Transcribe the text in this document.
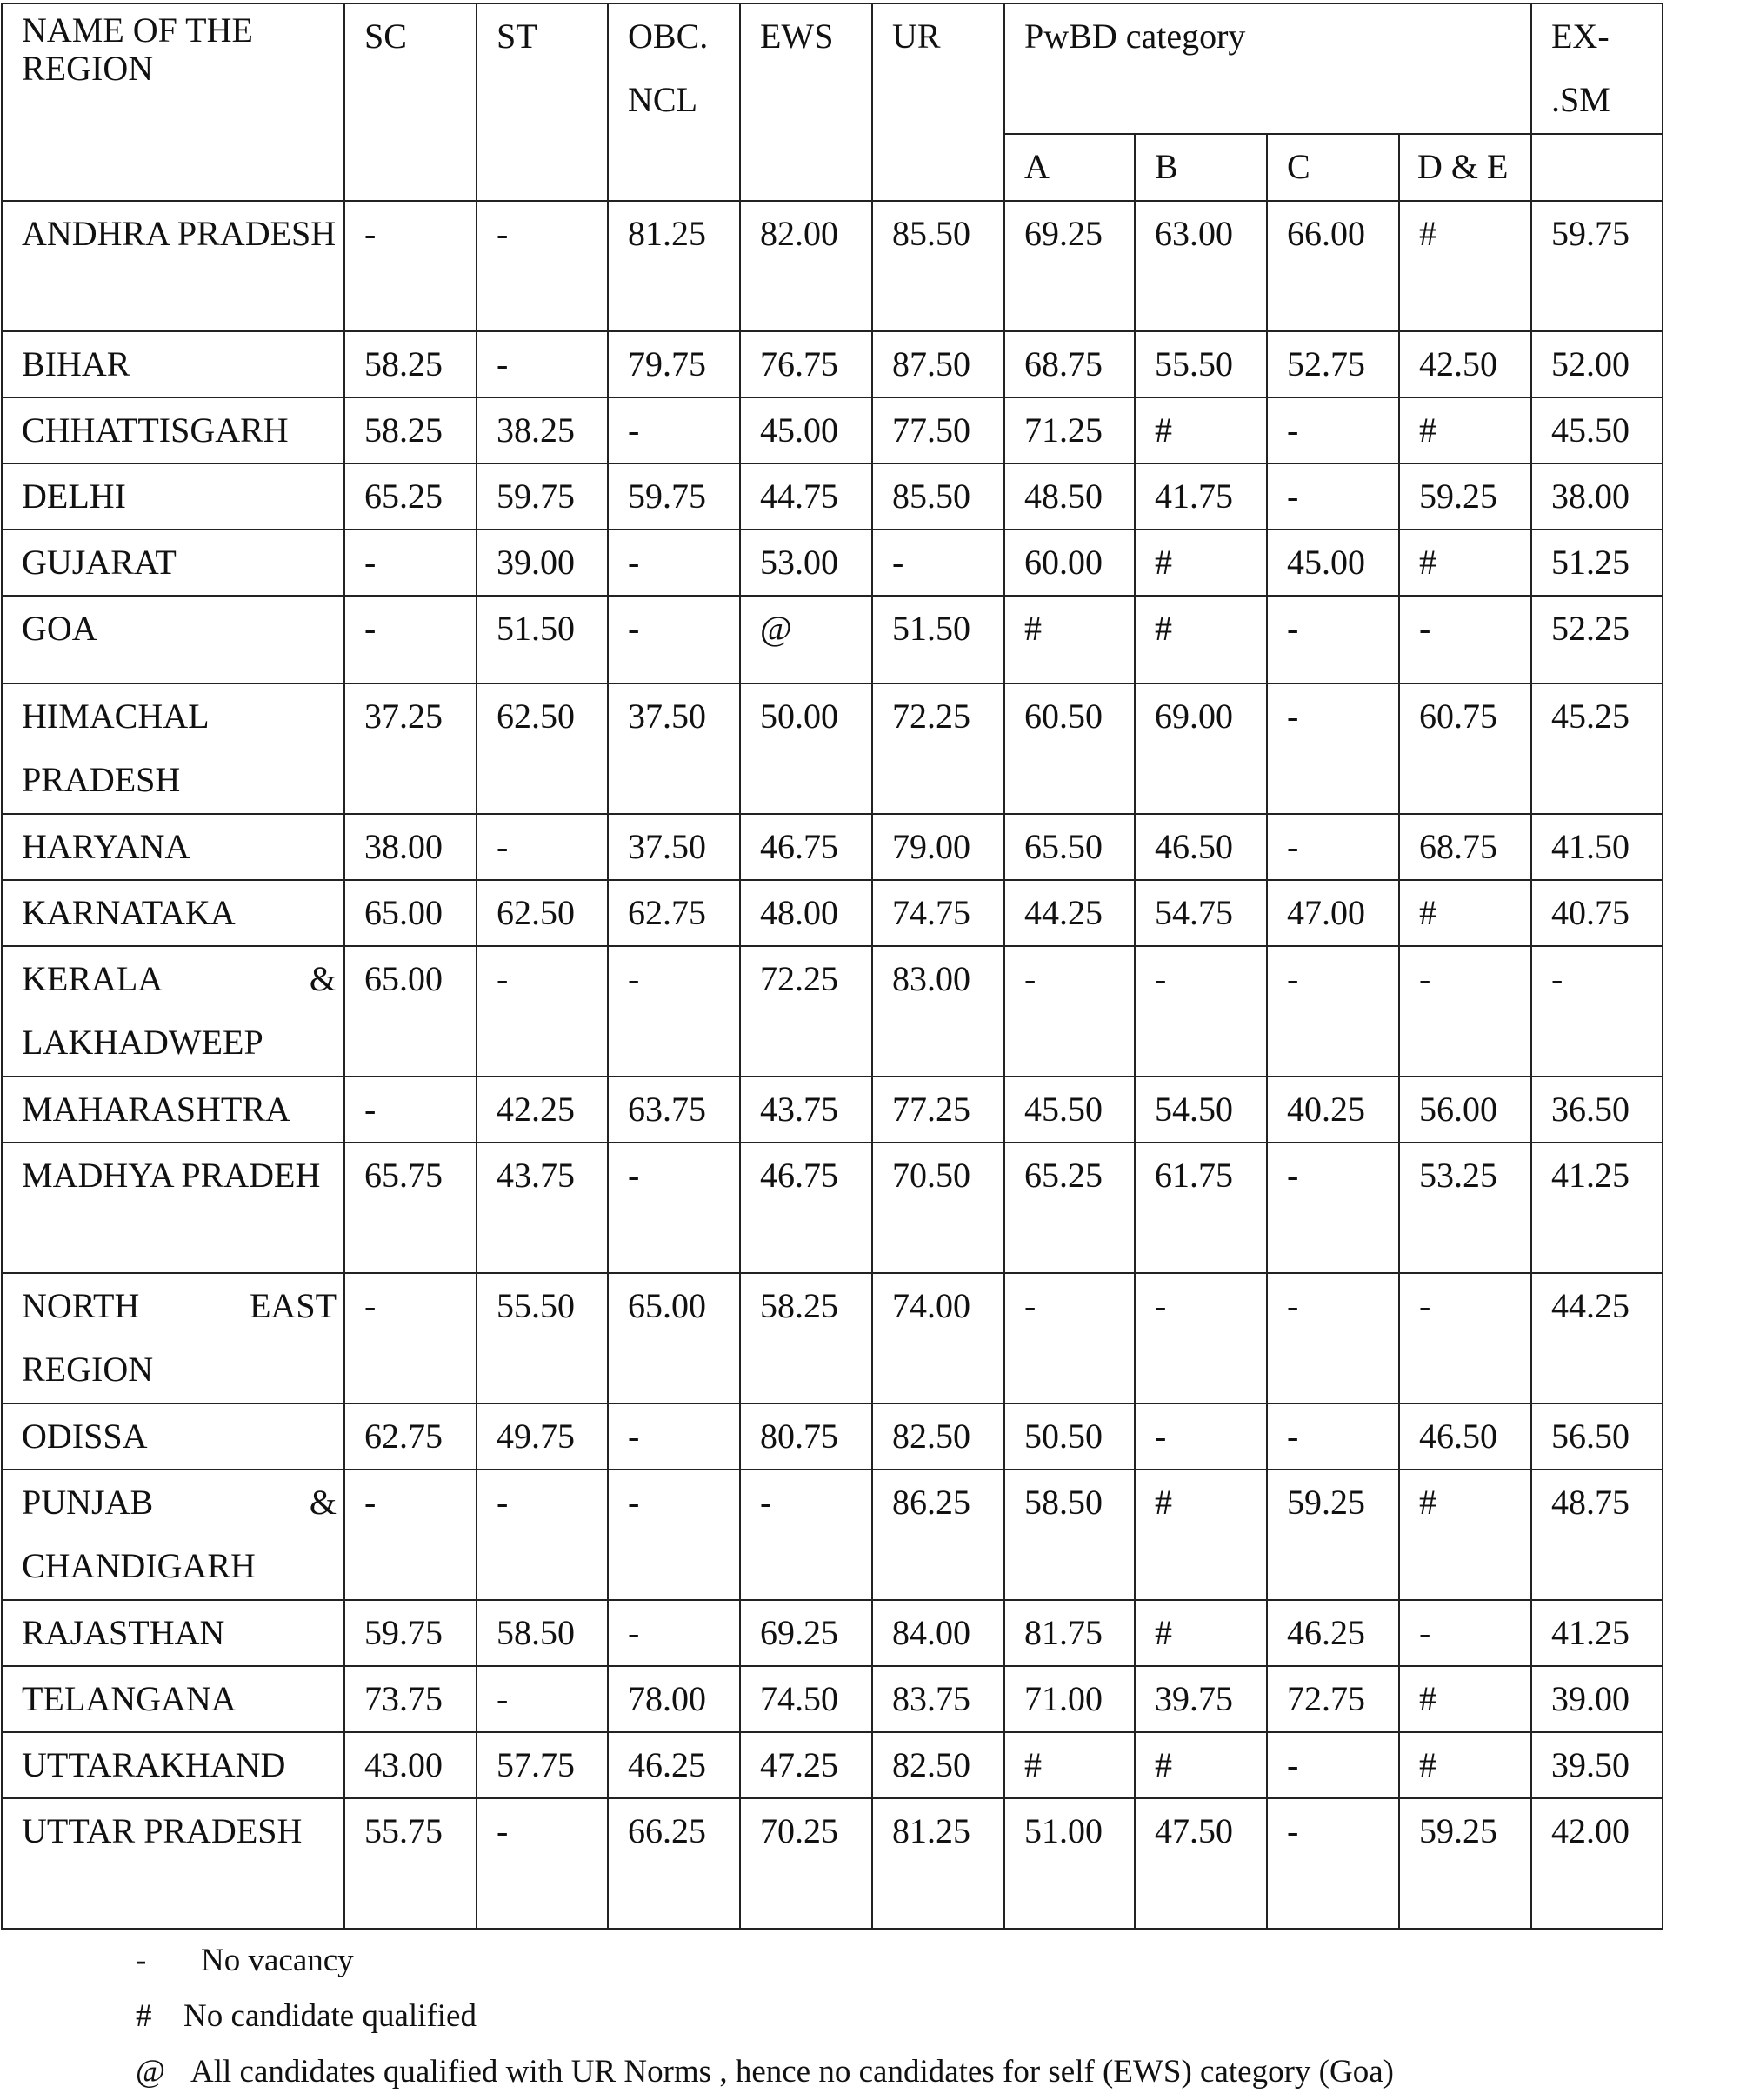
NAME OF THE REGION	SC	ST	OBC. NCL	EWS	UR	PwBD category				EX- .SM
						A	B	C	D & E	
ANDHRA PRADESH	-	-	81.25	82.00	85.50	69.25	63.00	66.00	#	59.75
BIHAR	58.25	-	79.75	76.75	87.50	68.75	55.50	52.75	42.50	52.00
CHHATTISGARH	58.25	38.25	-	45.00	77.50	71.25	#	-	#	45.50
DELHI	65.25	59.75	59.75	44.75	85.50	48.50	41.75	-	59.25	38.00
GUJARAT	-	39.00	-	53.00	-	60.00	#	45.00	#	51.25
GOA	-	51.50	-	@	51.50	#	#	-	-	52.25
HIMACHAL PRADESH	37.25	62.50	37.50	50.00	72.25	60.50	69.00	-	60.75	45.25
HARYANA	38.00	-	37.50	46.75	79.00	65.50	46.50	-	68.75	41.50
KARNATAKA	65.00	62.50	62.75	48.00	74.75	44.25	54.75	47.00	#	40.75
KERALA & LAKHADWEEP	65.00	-	-	72.25	83.00	-	-	-	-	-
MAHARASHTRA	-	42.25	63.75	43.75	77.25	45.50	54.50	40.25	56.00	36.50
MADHYA PRADEH	65.75	43.75	-	46.75	70.50	65.25	61.75	-	53.25	41.25
NORTH EAST REGION	-	55.50	65.00	58.25	74.00	-	-	-	-	44.25
ODISSA	62.75	49.75	-	80.75	82.50	50.50	-	-	46.50	56.50
PUNJAB & CHANDIGARH	-	-	-	-	86.25	58.50	#	59.25	#	48.75
RAJASTHAN	59.75	58.50	-	69.25	84.00	81.75	#	46.25	-	41.25
TELANGANA	73.75	-	78.00	74.50	83.75	71.00	39.75	72.75	#	39.00
UTTARAKHAND	43.00	57.75	46.25	47.25	82.50	#	#	-	#	39.50
UTTAR PRADESH	55.75	-	66.25	70.25	81.25	51.00	47.50	-	59.25	42.00
- No vacancy
# No candidate qualified
@ All candidates qualified with UR Norms , hence no candidates for self (EWS) category (Goa)
